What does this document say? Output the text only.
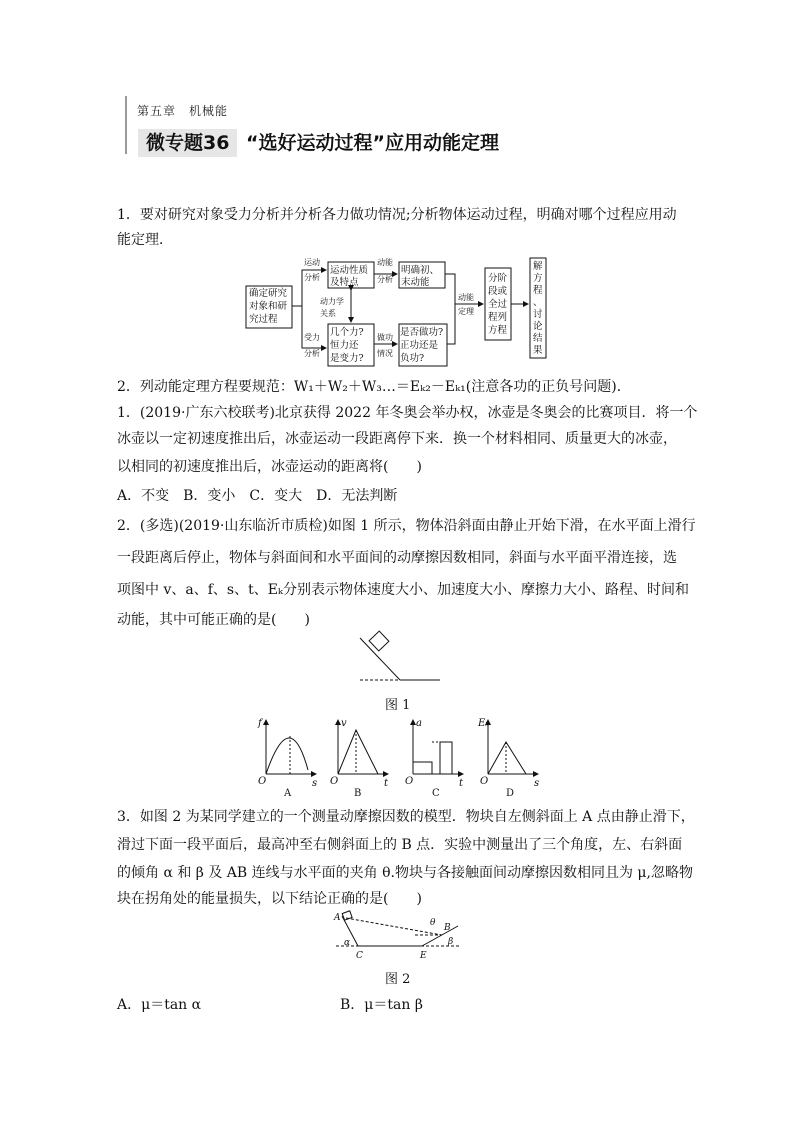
第五章　机械能
微专题36 “选好运动过程”应用动能定理
1．要对研究对象受力分析并分析各力做功情况;分析物体运动过程，明确对哪个过程应用动
能定理．
确定研究
对象和研
究过程
运动
分析
运动性质
及特点
动能
分析
明确初、
末动能
动力学
关系
受力
分析
几个力?
恒力还
是变力?
做功
情况
是否做功?
正功还是
负功?
动能
定理
分阶
段或
全过
程列
方程
解
方
程
、
讨
论
结
果
2．列动能定理方程要规范：W₁＋W₂＋W₃…＝Eₖ₂－Eₖ₁(注意各功的正负号问题)．
1．(2019·广东六校联考)北京获得 2022 年冬奥会举办权，冰壶是冬奥会的比赛项目．将一个
冰壶以一定初速度推出后，冰壶运动一段距离停下来．换一个材料相同、质量更大的冰壶，
以相同的初速度推出后，冰壶运动的距离将(　　)
A．不变　B．变小　C．变大　D．无法判断
2．(多选)(2019·山东临沂市质检)如图 1 所示，物体沿斜面由静止开始下滑，在水平面上滑行
一段距离后停止，物体与斜面间和水平面间的动摩擦因数相同，斜面与水平面平滑连接，选
项图中 v、a、f、s、t、Eₖ分别表示物体速度大小、加速度大小、摩擦力大小、路程、时间和
动能，其中可能正确的是(　　)
图 1
f
s
O
v
t
O
a
t
O
Eₖ
s
O
A	B	C	D
3．如图 2 为某同学建立的一个测量动摩擦因数的模型．物块自左侧斜面上 A 点由静止滑下，
滑过下面一段平面后，最高冲至右侧斜面上的 B 点．实验中测量出了三个角度，左、右斜面
的倾角 α 和 β 及 AB 连线与水平面的夹角 θ.物块与各接触面间动摩擦因数相同且为 μ,忽略物
块在拐角处的能量损失，以下结论正确的是(　　)
A
B
C	E
α	β
θ
图 2
A．μ＝tan α	B．μ＝tan β
